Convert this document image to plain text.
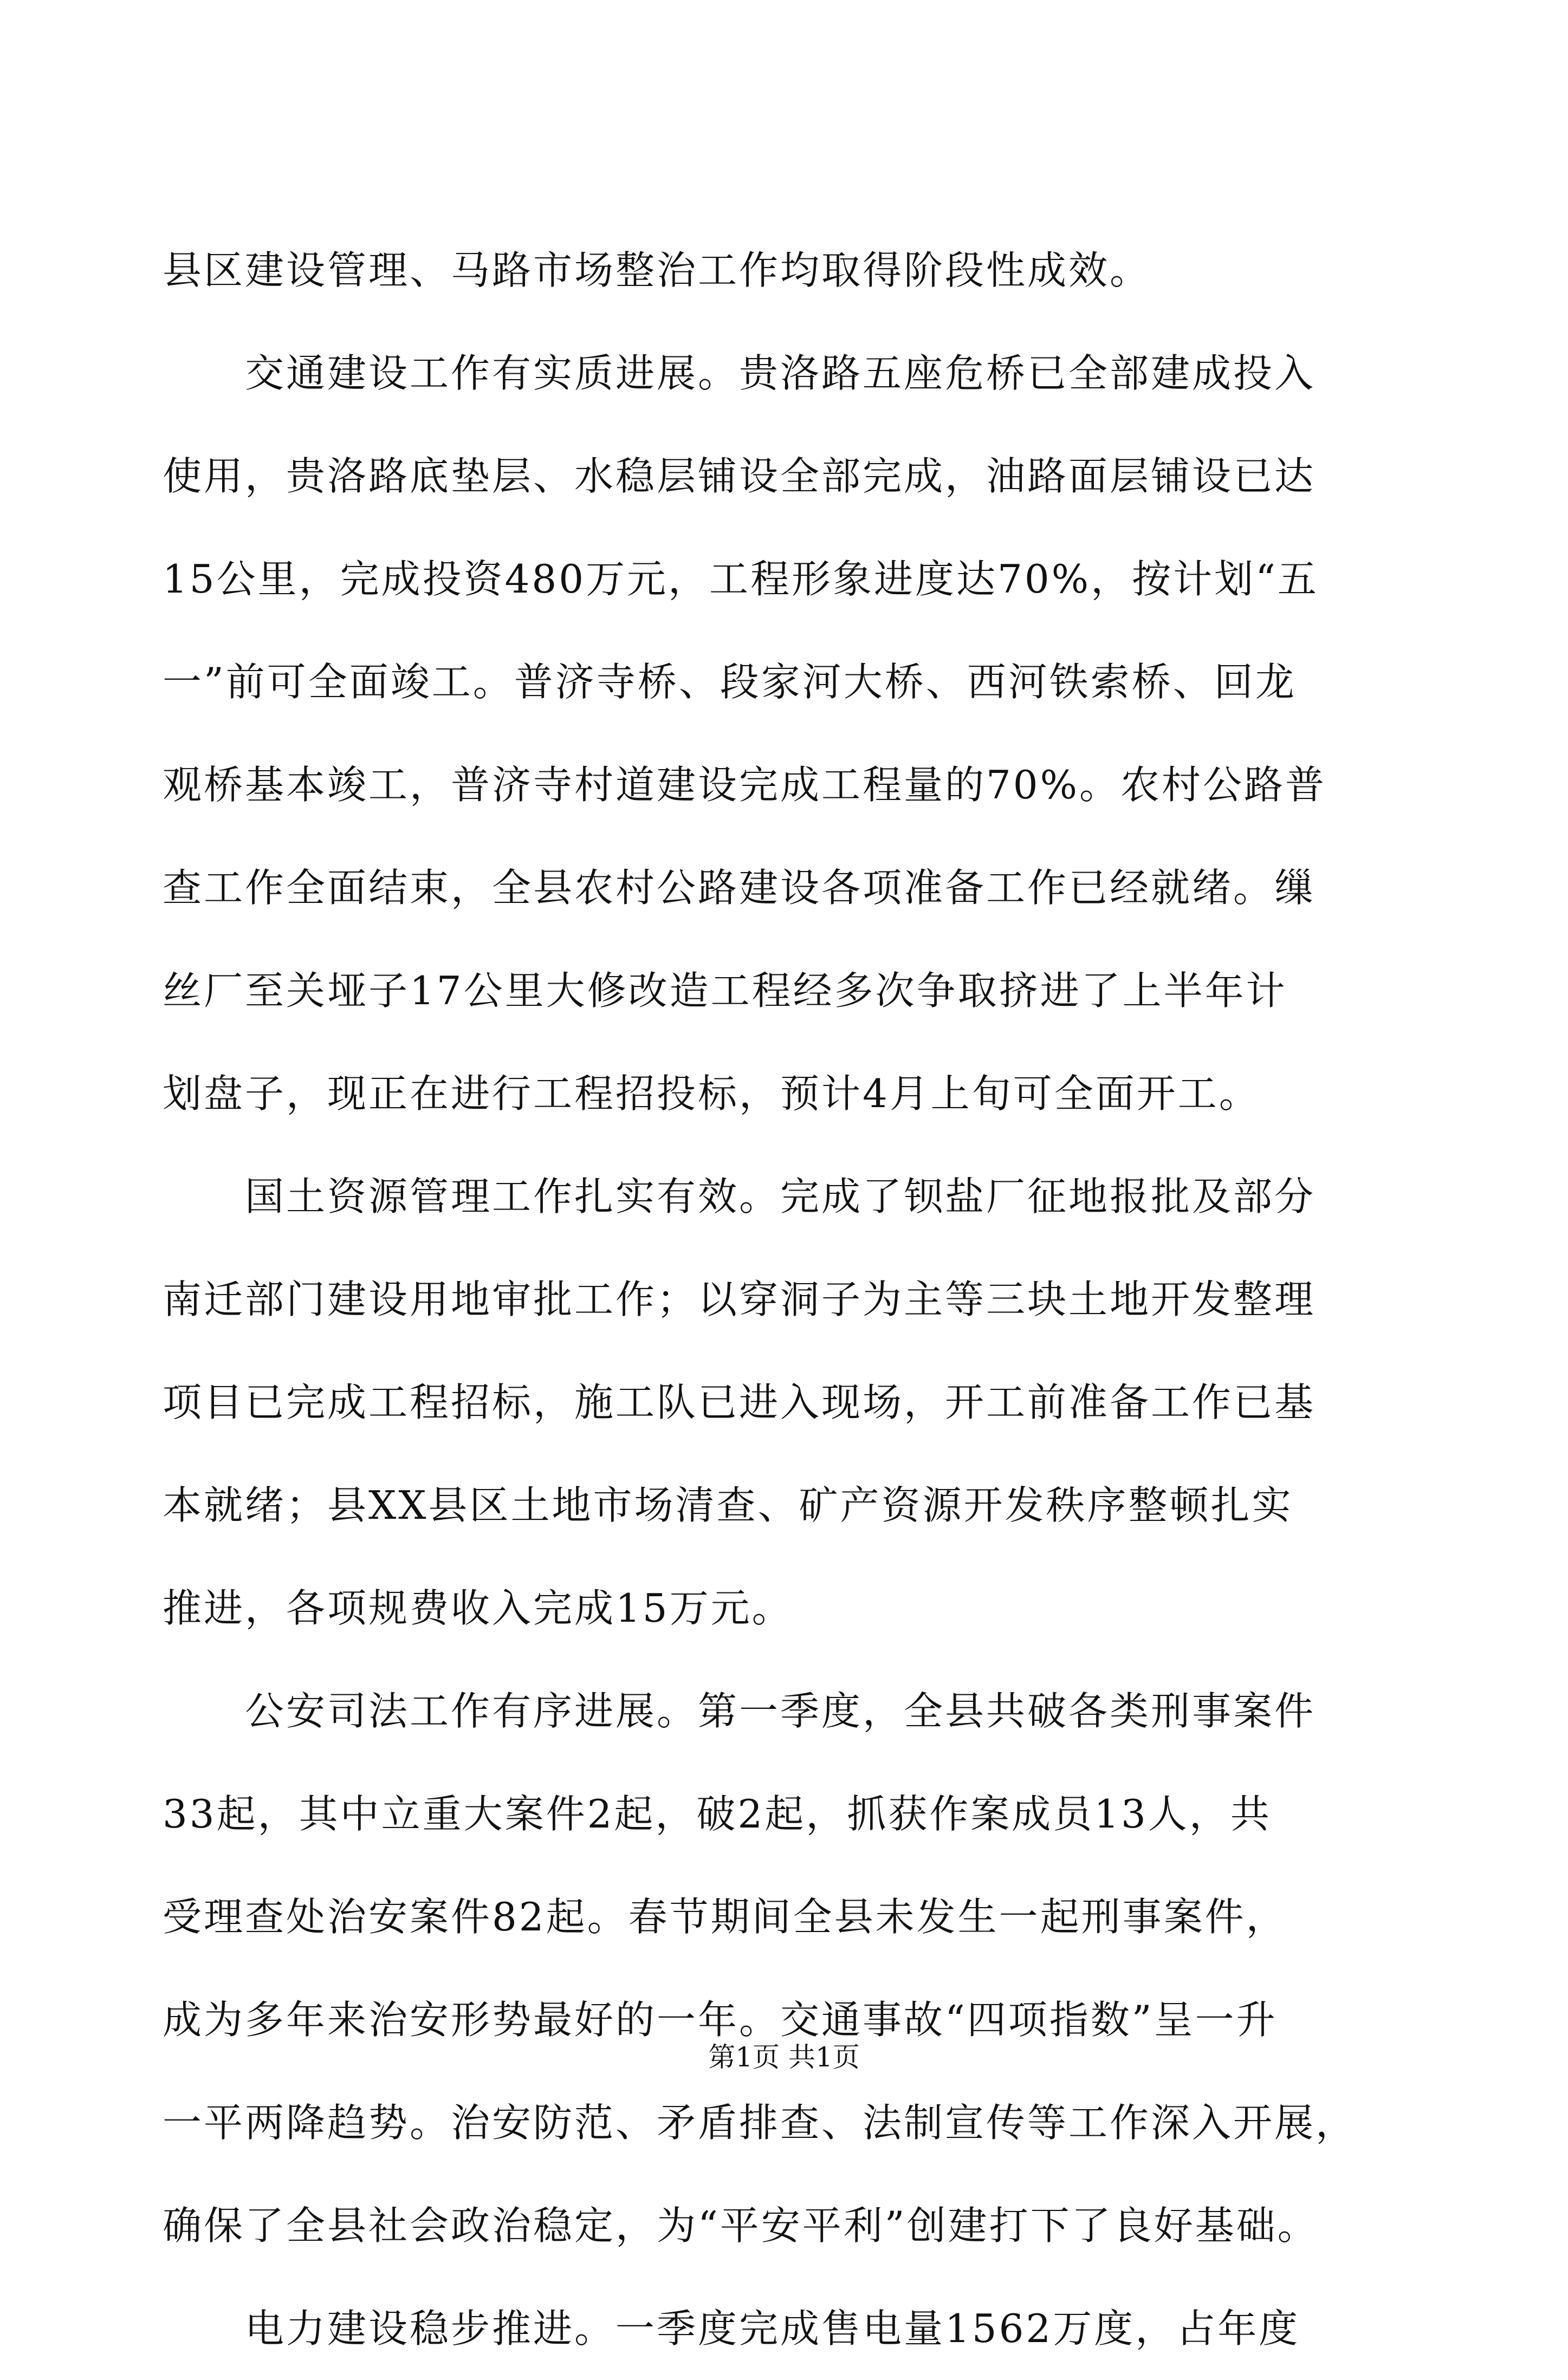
县区建设管理、马路市场整治工作均取得阶段性成效。
　　交通建设工作有实质进展。贵洛路五座危桥已全部建成投入
使用，贵洛路底垫层、水稳层铺设全部完成，油路面层铺设已达
15公里，完成投资480万元，工程形象进度达70%，按计划“五
一”前可全面竣工。普济寺桥、段家河大桥、西河铁索桥、回龙
观桥基本竣工，普济寺村道建设完成工程量的70%。农村公路普
查工作全面结束，全县农村公路建设各项准备工作已经就绪。缫
丝厂至关垭子17公里大修改造工程经多次争取挤进了上半年计
划盘子，现正在进行工程招投标，预计4月上旬可全面开工。
　　国土资源管理工作扎实有效。完成了钡盐厂征地报批及部分
南迁部门建设用地审批工作；以穿洞子为主等三块土地开发整理
项目已完成工程招标，施工队已进入现场，开工前准备工作已基
本就绪；县XX县区土地市场清查、矿产资源开发秩序整顿扎实
推进，各项规费收入完成15万元。
　　公安司法工作有序进展。第一季度，全县共破各类刑事案件
33起，其中立重大案件2起，破2起，抓获作案成员13人，共
受理查处治安案件82起。春节期间全县未发生一起刑事案件，
成为多年来治安形势最好的一年。交通事故“四项指数”呈一升
一平两降趋势。治安防范、矛盾排查、法制宣传等工作深入开展，
确保了全县社会政治稳定，为“平安平利”创建打下了良好基础。
　　电力建设稳步推进。一季度完成售电量1562万度，占年度
第1页 共1页
